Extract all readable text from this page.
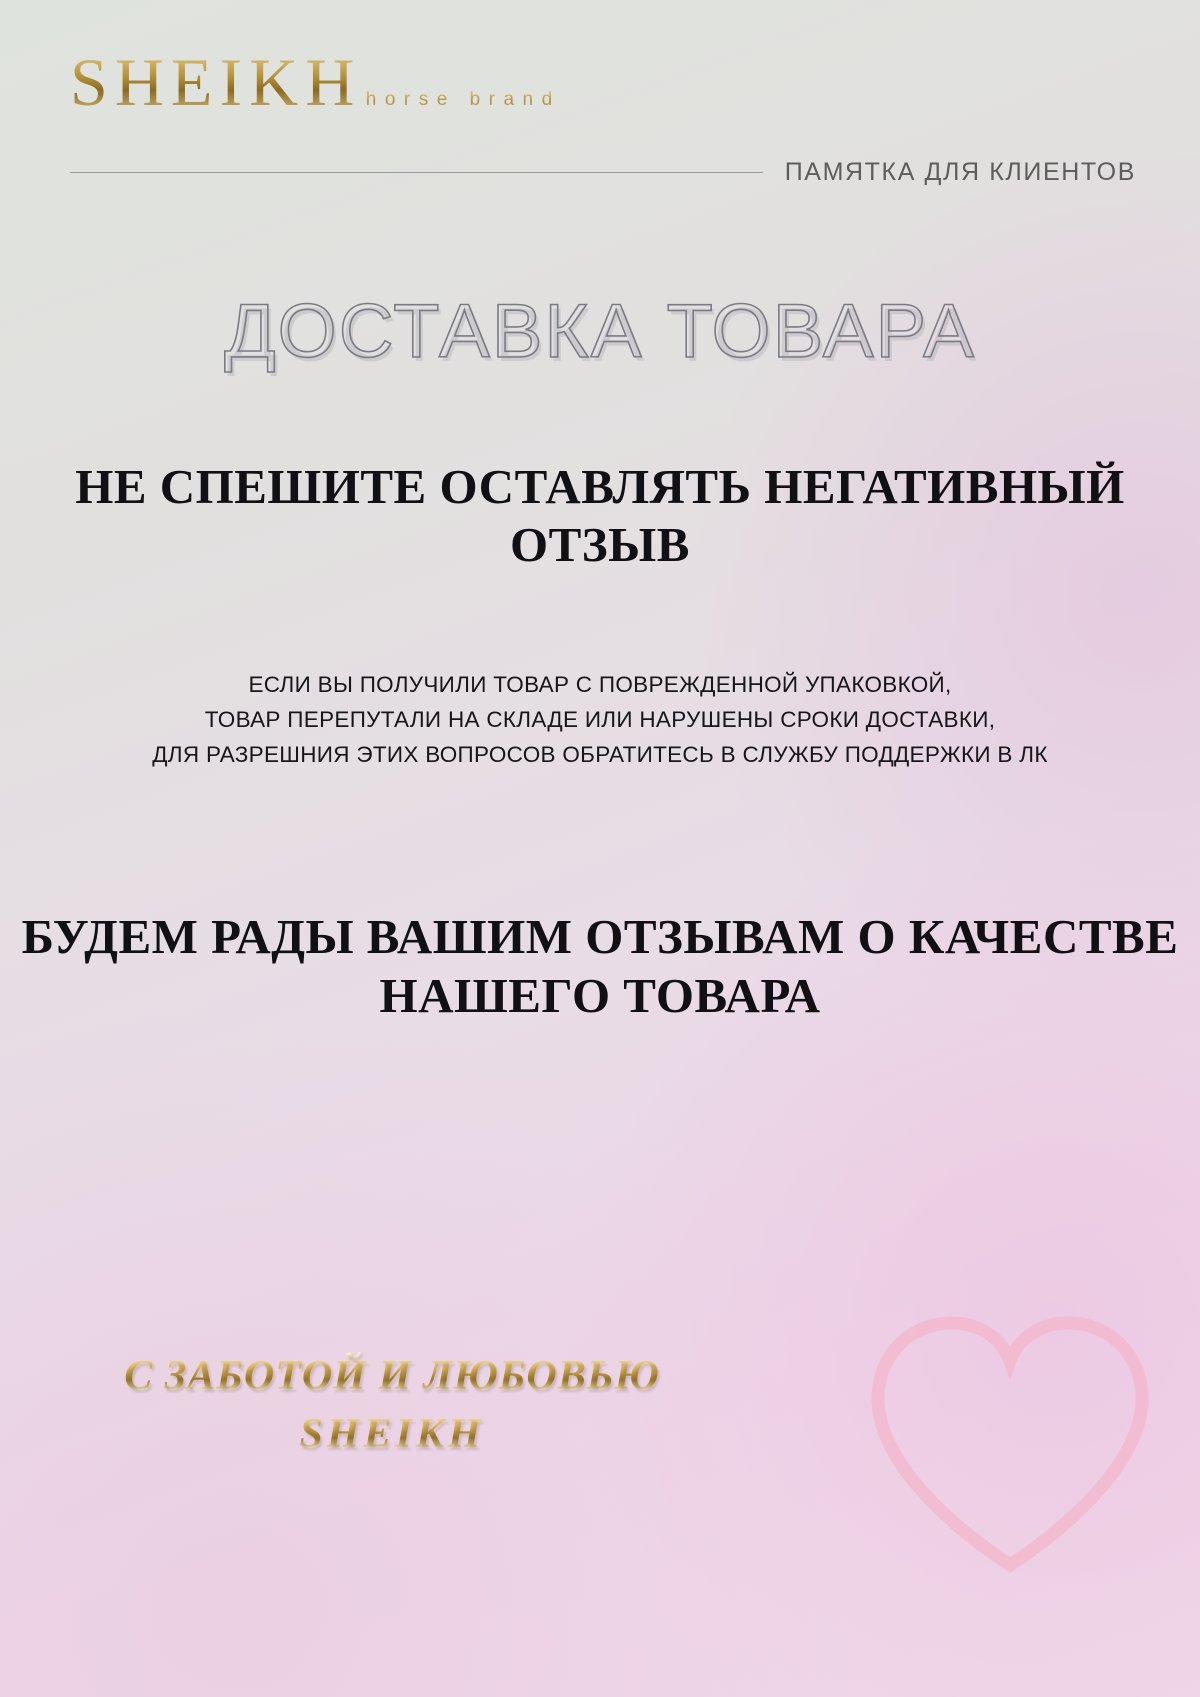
SHEIKH horse brand
ПАМЯТКА ДЛЯ КЛИЕНТОВ
ДОСТАВКА ТОВАРА
НЕ СПЕШИТЕ ОСТАВЛЯТЬ НЕГАТИВНЫЙ ОТЗЫВ
ЕСЛИ ВЫ ПОЛУЧИЛИ ТОВАР С ПОВРЕЖДЕННОЙ УПАКОВКОЙ,
ТОВАР ПЕРЕПУТАЛИ НА СКЛАДЕ ИЛИ НАРУШЕНЫ СРОКИ ДОСТАВКИ,
ДЛЯ РАЗРЕШНИЯ ЭТИХ ВОПРОСОВ ОБРАТИТЕСЬ В СЛУЖБУ ПОДДЕРЖКИ В ЛК
БУДЕМ РАДЫ ВАШИМ ОТЗЫВАМ О КАЧЕСТВЕ НАШЕГО ТОВАРА
С ЗАБОТОЙ И ЛЮБОВЬЮ
SHEIKH
